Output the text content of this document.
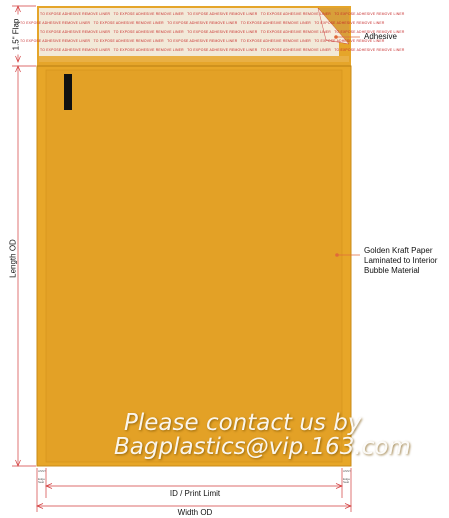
TO EXPOSE ADHESIVE REMOVE LINER TO EXPOSE ADHESIVE REMOVE LINER TO EXPOSE ADHESIVE REMOVE LINER TO EXPOSE ADHESIVE REMOVE LINER TO EXPOSE ADHESIVE REMOVE LINER
TO EXPOSE ADHESIVE REMOVE LINER TO EXPOSE ADHESIVE REMOVE LINER TO EXPOSE ADHESIVE REMOVE LINER TO EXPOSE ADHESIVE REMOVE LINER TO EXPOSE ADHESIVE REMOVE LINER
TO EXPOSE ADHESIVE REMOVE LINER TO EXPOSE ADHESIVE REMOVE LINER TO EXPOSE ADHESIVE REMOVE LINER TO EXPOSE ADHESIVE REMOVE LINER TO EXPOSE ADHESIVE REMOVE LINER
TO EXPOSE ADHESIVE REMOVE LINER TO EXPOSE ADHESIVE REMOVE LINER TO EXPOSE ADHESIVE REMOVE LINER TO EXPOSE ADHESIVE REMOVE LINER TO EXPOSE ADHESIVE REMOVE LINER
TO EXPOSE ADHESIVE REMOVE LINER TO EXPOSE ADHESIVE REMOVE LINER TO EXPOSE ADHESIVE REMOVE LINER TO EXPOSE ADHESIVE REMOVE LINER TO EXPOSE ADHESIVE REMOVE LINER
Adhesive
Golden Kraft Paper
Laminated to Interior
Bubble Material
1.5" Flap
Length OD
ID / Print Limit
Width OD
ASSY
Edge Seal
ASSY
Edge Seal
Please contact us by
Bagplastics@vip.163.com
